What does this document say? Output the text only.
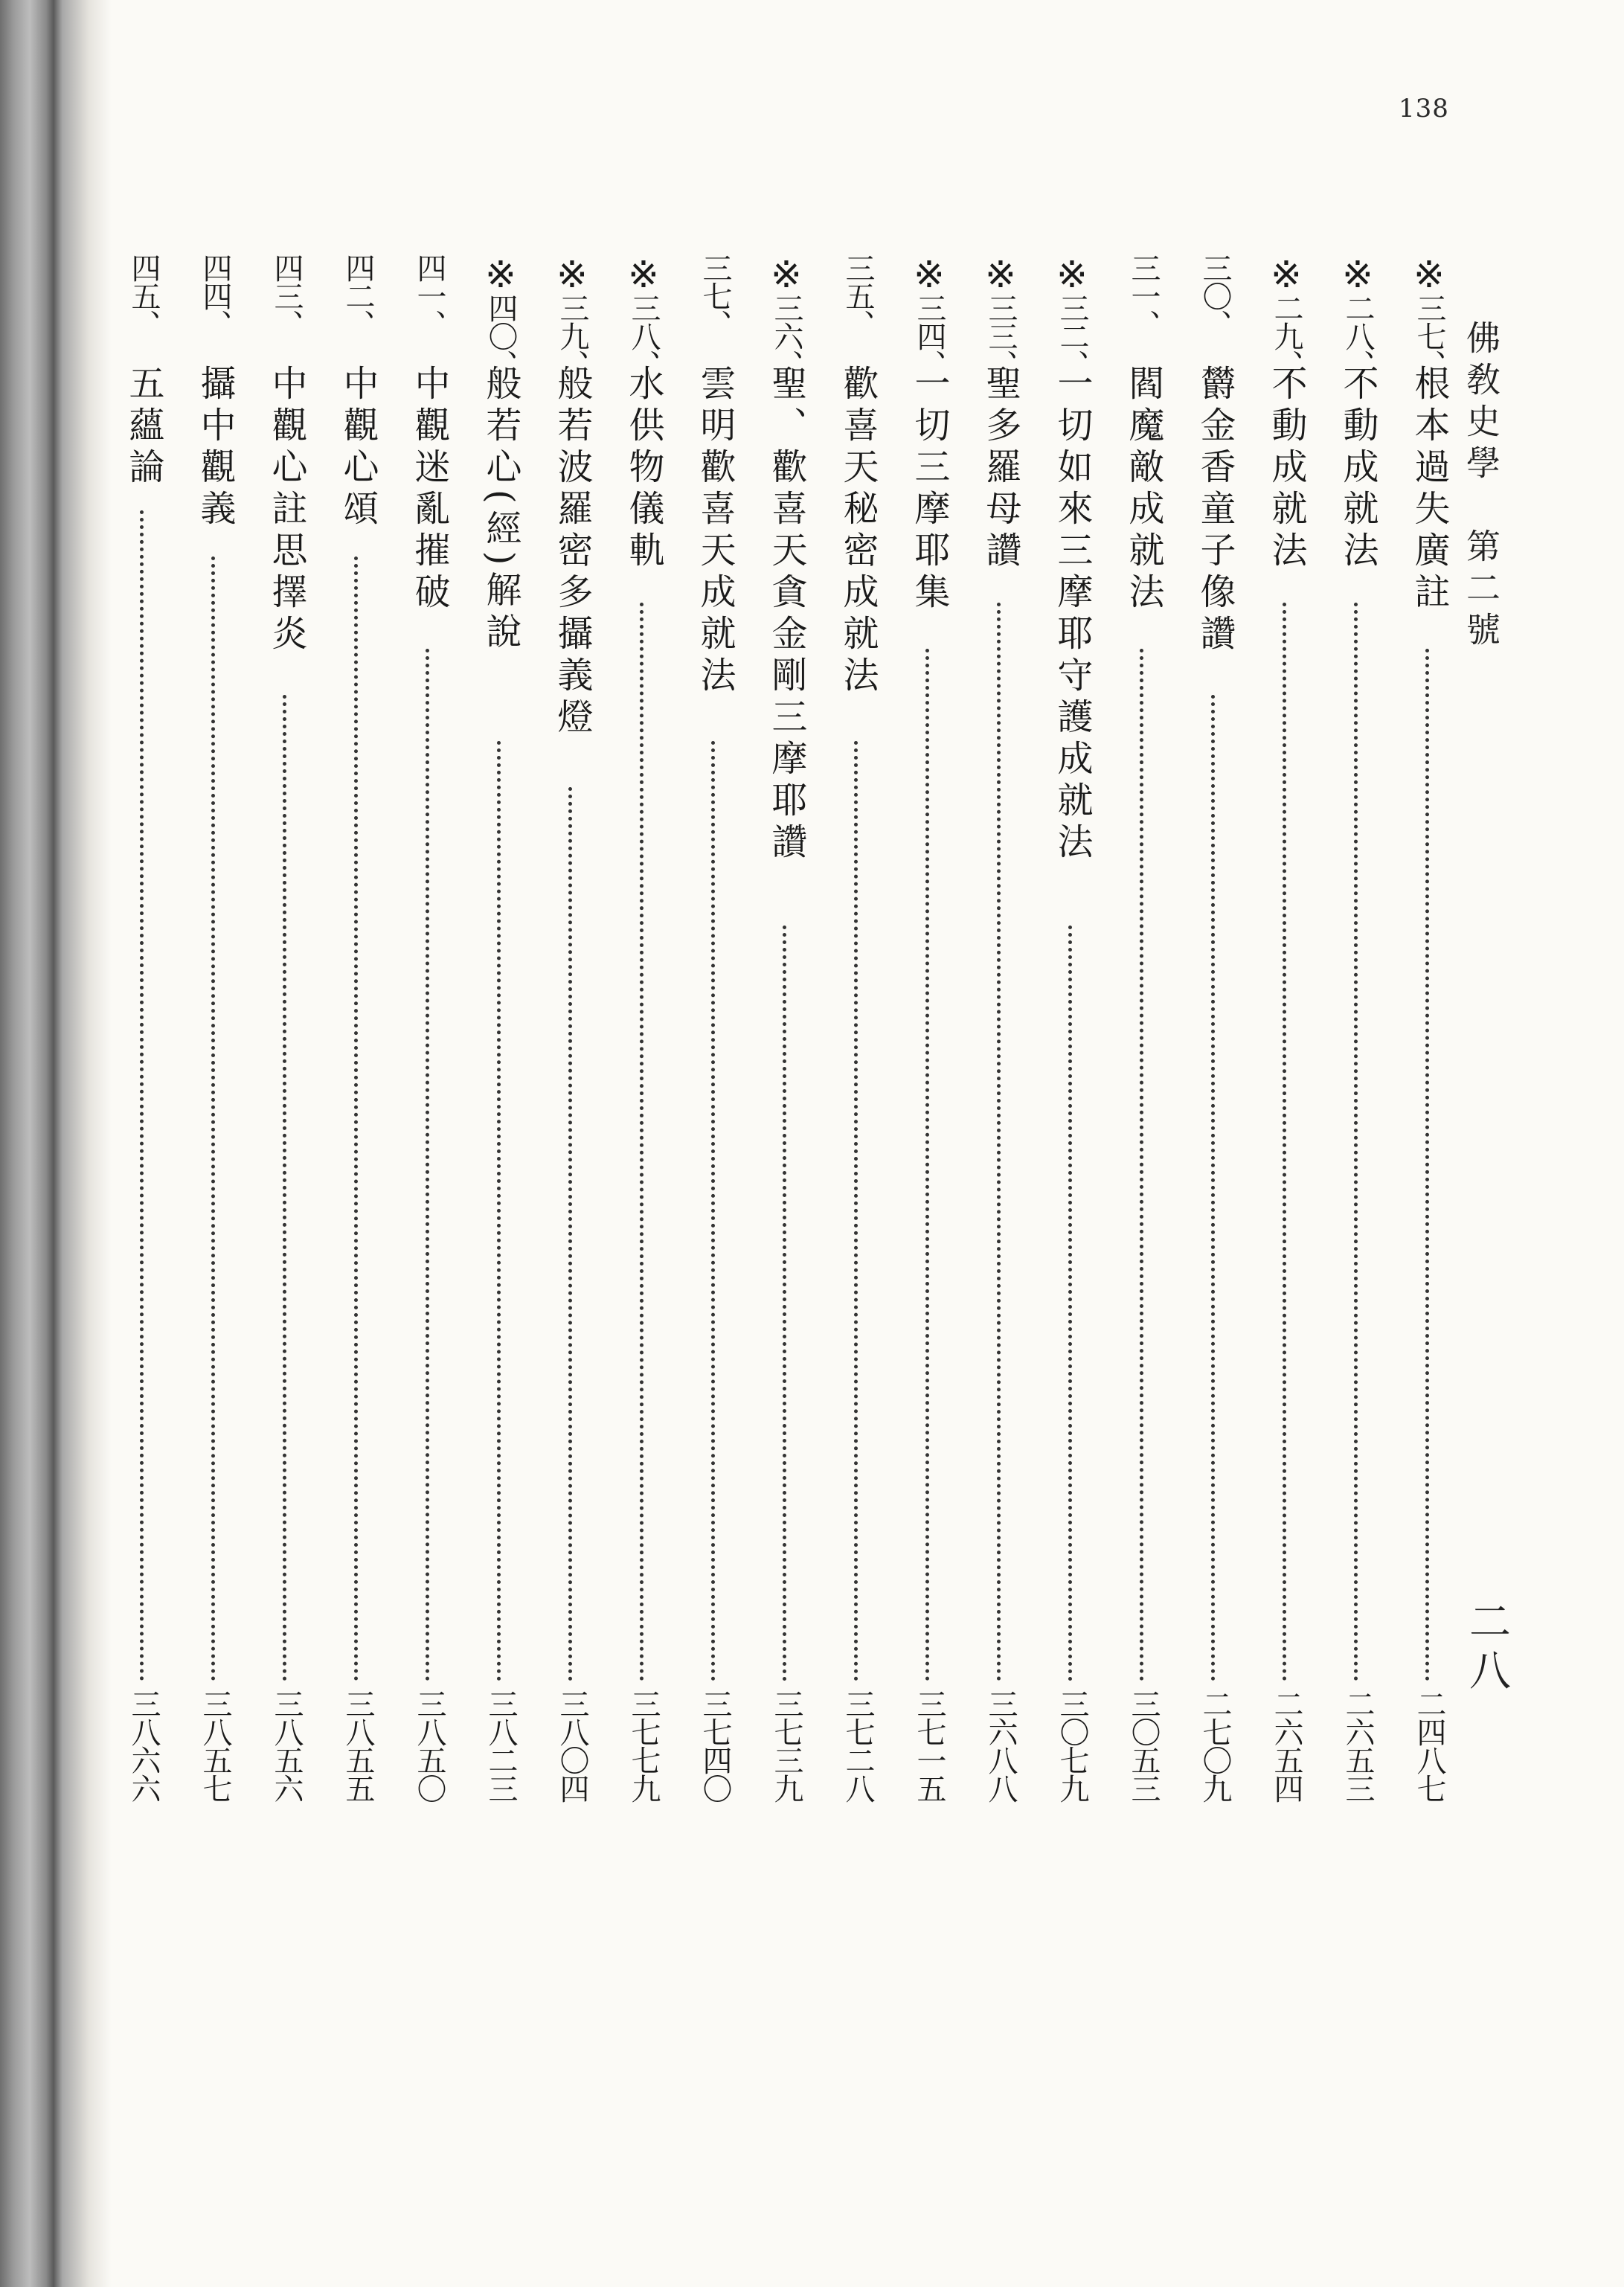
138
佛敎史學　第二號
二八
※
三七、
根本過失廣註
二四八七
※
二八、
不動成就法
二六五三
※
二九、
不動成就法
二六五四
三〇、
欝金香童子像讚
二七〇九
三一、
閻魔敵成就法
三〇五三
※
三二、
一切如來三摩耶守護成就法
三〇七九
※
三三、
聖多羅母讚
三六八八
※
三四、
一切三摩耶集
三七一五
三五、
歡喜天秘密成就法
三七二八
※
三六、
聖、歡喜天貪金剛三摩耶讚
三七三九
三七、
雲明歡喜天成就法
三七四〇
※
三八、
水供物儀軌
三七七九
※
三九、
般若波羅密多攝義燈
三八〇四
※
四〇、
般若心(經)解說
三八二三
四一、
中觀迷亂摧破
三八五〇
四二、
中觀心頌
三八五五
四三、
中觀心註思擇炎
三八五六
四四、
攝中觀義
三八五七
四五、
五蘊論
三八六六
